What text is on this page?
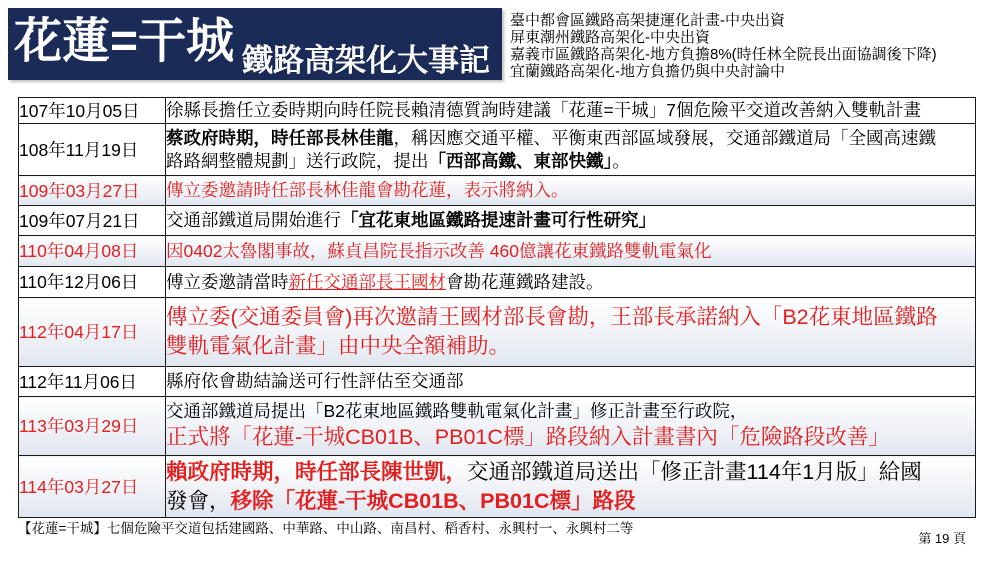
花蓮=干城 鐵路高架化大事記
臺中都會區鐵路高架捷運化計畫-中央出資
屏東潮州鐵路高架化-中央出資
嘉義市區鐵路高架化-地方負擔8%(時任林全院長出面協調後下降)
宜蘭鐵路高架化-地方負擔仍與中央討論中
107年10月05日	徐縣長擔任立委時期向時任院長賴清德質詢時建議「花蓮=干城」7個危險平交道改善納入雙軌計畫

108年11月19日	蔡政府時期，時任部長林佳龍，稱因應交通平權、平衡東西部區域發展，交通部鐵道局「全國高速鐵
路路網整體規劃」送行政院，提出「西部高鐵、東部快鐵」。

109年03月27日	傳立委邀請時任部長林佳龍會勘花蓮，表示將納入。

109年07月21日	交通部鐵道局開始進行「宜花東地區鐵路提速計畫可行性研究」

110年04月08日	因0402太魯閣事故，蘇貞昌院長指示改善 460億讓花東鐵路雙軌電氣化

110年12月06日	傅立委邀請當時新任交通部長王國材會勘花蓮鐵路建設。

112年04月17日	傳立委(交通委員會)再次邀請王國材部長會勘，王部長承諾納入「B2花東地區鐵路
雙軌電氣化計畫」由中央全額補助。

112年11月06日	縣府依會勘結論送可行性評估至交通部

113年03月29日	交通部鐵道局提出「B2花東地區鐵路雙軌電氣化計畫」修正計畫至行政院，
正式將「花蓮-干城CB01B、PB01C標」路段納入計畫書內「危險路段改善」

114年03月27日	賴政府時期，時任部長陳世凱，交通部鐵道局送出「修正計畫114年1月版」給國
發會，移除「花蓮-干城CB01B、PB01C標」路段
【花蓮=干城】七個危險平交道包括建國路、中華路、中山路、南昌村、稻香村、永興村一、永興村二等
第 19 頁
